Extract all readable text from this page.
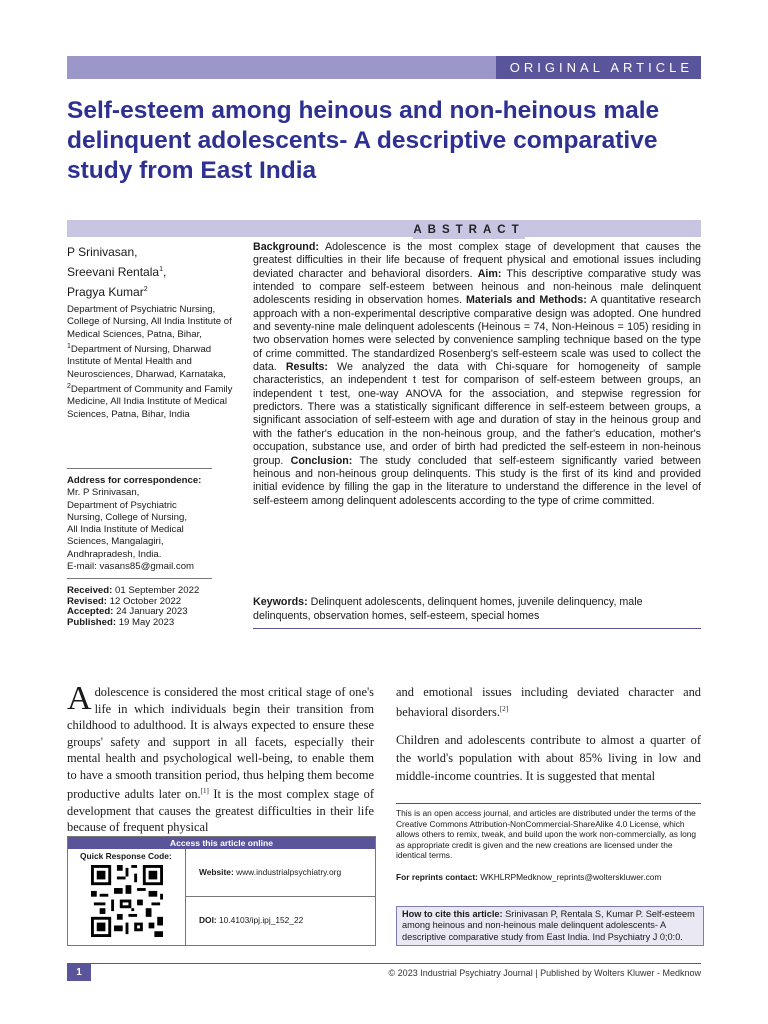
ORIGINAL ARTICLE
Self-esteem among heinous and non-heinous male delinquent adolescents- A descriptive comparative study from East India
ABSTRACT
P Srinivasan,
Sreevani Rentala$^1$,
Pragya Kumar$^2$
Department of Psychiatric Nursing, College of Nursing, All India Institute of Medical Sciences, Patna, Bihar,
$^1$Department of Nursing, Dharwad Institute of Mental Health and Neurosciences, Dharwad, Karnataka,
$^2$Department of Community and Family Medicine, All India Institute of Medical Sciences, Patna, Bihar, India
Address for correspondence:
Mr. P Srinivasan,
Department of Psychiatric
Nursing, College of Nursing,
All India Institute of Medical
Sciences, Mangalagiri,
Andhrapradesh, India.
E-mail: vasans85@gmail.com
Received: 01 September 2022
Revised: 12 October 2022
Accepted: 24 January 2023
Published: 19 May 2023
Background: Adolescence is the most complex stage of development that causes the greatest difficulties in their life because of frequent physical and emotional issues including deviated character and behavioral disorders. Aim: This descriptive comparative study was intended to compare self-esteem between heinous and non-heinous male delinquent adolescents residing in observation homes. Materials and Methods: A quantitative research approach with a non-experimental descriptive comparative design was adopted. One hundred and seventy-nine male delinquent adolescents (Heinous = 74, Non-Heinous = 105) residing in two observation homes were selected by convenience sampling technique based on the type of crime committed. The standardized Rosenberg's self-esteem scale was used to collect the data. Results: We analyzed the data with Chi-square for homogeneity of sample characteristics, an independent t test for comparison of self-esteem between groups, an independent t test, one-way ANOVA for the association, and stepwise regression for predictors. There was a statistically significant difference in self-esteem between groups, a significant association of self-esteem with age and duration of stay in the heinous group and with the father's education in the non-heinous group, and the father's education, mother's occupation, substance use, and order of birth had predicted the self-esteem in non-heinous group. Conclusion: The study concluded that self-esteem significantly varied between heinous and non-heinous group delinquents. This study is the first of its kind and provided initial evidence by filling the gap in the literature to understand the difference in the level of self-esteem among delinquent adolescents according to the type of crime committed.
Keywords: Delinquent adolescents, delinquent homes, juvenile delinquency, male delinquents, observation homes, self-esteem, special homes
Adolescence is considered the most critical stage of one's life in which individuals begin their transition from childhood to adulthood. It is always expected to ensure these groups' safety and support in all facets, especially their mental health and psychological well-being, to enable them to have a smooth transition period, thus helping them become productive adults later on.[1] It is the most complex stage of development that causes the greatest difficulties in their life because of frequent physical
and emotional issues including deviated character and behavioral disorders.[2]
Children and adolescents contribute to almost a quarter of the world's population with about 85% living in low and middle-income countries. It is suggested that mental
This is an open access journal, and articles are distributed under the terms of the Creative Commons Attribution-NonCommercial-ShareAlike 4.0 License, which allows others to remix, tweak, and build upon the work non-commercially, as long as appropriate credit is given and the new creations are licensed under the identical terms.
For reprints contact: WKHLRPMedknow_reprints@wolterskluwer.com
How to cite this article: Srinivasan P, Rentala S, Kumar P. Self-esteem among heinous and non-heinous male delinquent adolescents- A descriptive comparative study from East India. Ind Psychiatry J 0;0:0.
Access this article online
Quick Response Code:
Website: www.industrialpsychiatry.org
DOI: 10.4103/ipj.ipj_152_22
1	© 2023 Industrial Psychiatry Journal | Published by Wolters Kluwer - Medknow
